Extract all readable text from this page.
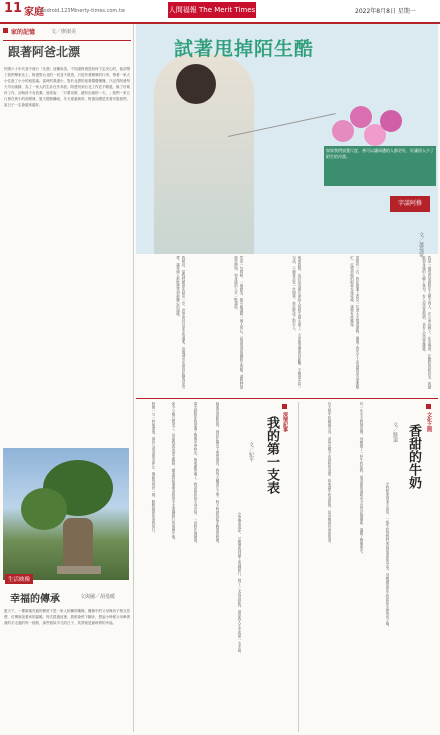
11 家庭
Android.123Minerty-times.com.tw	人間福報 The Merit Times	2022年8月8日 星期一
家的記憶	文／廖淑美
跟著阿爸北漂
民國六十年代須不流行「北漂」這種用語，不知道阿爸是如何下定決心的，他卻帶了我們舉家北上，阿爸對台北的一切並不熟悉，只是拎著簡單的行李，帶著一家大小住進了小小的租屋處。當時的我還小，對於北漂的意義懵懵懂懂，只記得阿爸每天早出晚歸，為了一家人的生計在外奔波。阿爸初到台北工作並不順遂，換了好幾份工作，卻始終不肯放棄。他常說：「只要肯做，總有出頭的一天。」我們一家五口擠在狹小的房間裡，夏天悶熱難耐，冬天寒風刺骨，阿爸卻總是笑著安慰我們，說日子一定會越來越好。
生活映像
幸福的傳承	文與圖／胡曼暖
藍天下，一棵綠葉茂盛的樹底下是一家人相擁的雕像，雕像中的父母與孩子相互依偎，彷彿訴說著家的溫暖。每次經過這裡，我都會停下腳步，想起小時候父母牽著我的手走過的每一段路，那些看似平凡的日子，其實就是最珍貴的幸福。
試著甩掉陌生酷
如果我們放寬尺度，善可以讓周遭的人都更好，好讓別人少了陌生的冷漠。
字談阿修
文／蕭曼蒙
我是一個很容易跟陌生人聊天的人，在公車站牌下、在市場裡、在醫院的候診室，我總能和身邊的人聊上幾句。有人說這是熱情，也有人說這是雞婆。
曾經有一次，我在捷運上看見一位老太太提著重物，猶豫了很久才上前詢問是否需要幫忙，沒想到她的眼神充滿戒備，讓我有些尷尬。
後來我想，也許是這個社會給人的陌生感太重了，大家都習慣保持距離，不願意多說一句話，不願意多管一件閒事，彼此都成了陌生人。
然而一句問候，一個微笑，都可能溫暖一個人的心。試著甩掉那種陌生的酷，讓我們從微笑開始，和身邊的人多一點連結。
我相信，當我們願意先踏出一步，世界會回以更多的溫柔，這個城市也會因此變得更可愛，讓每個人都能感受到被關心的溫暖。
深情記事
我的第一支表
文／紀平
小學畢業那年，父親帶我到鎮上的鐘錶行，挑了一支表送給我，那是我人生中的第一支手錶。
錶面是淡藍色的，指針在陽光下閃閃發亮，我每天戴著它上學，時不時就抬起手腕看看時間。
那支錶陪伴我度過了整個中學時光，後來雖然壞了，我卻始終捨不得丟掉，一直收在抽屜裡。
如今父親已經老了，每當我看見那支舊錶，總會想起他牽著我的手走進鐘錶行的那個午後。
時間一分一秒地流逝，那份父愛卻從未停止，像錶的指針一樣，默默地陪伴著我前行。	文化之間
香甜的牛奶
文／鮮道
小時候家裡並不富裕，一瓶牛奶對我們來說是奢侈的享受，母親總是把牛奶留給生病的孩子喝。
有一年冬天我發高燒，母親熱了一杯牛奶給我，那香甜的滋味至今仍然記憶猶新，溫暖了整個寒冬。
長大後牛奶隨處可得，卻再也喝不出那時的香甜，原來讓牛奶香甜的，是母親那份深深的愛。
